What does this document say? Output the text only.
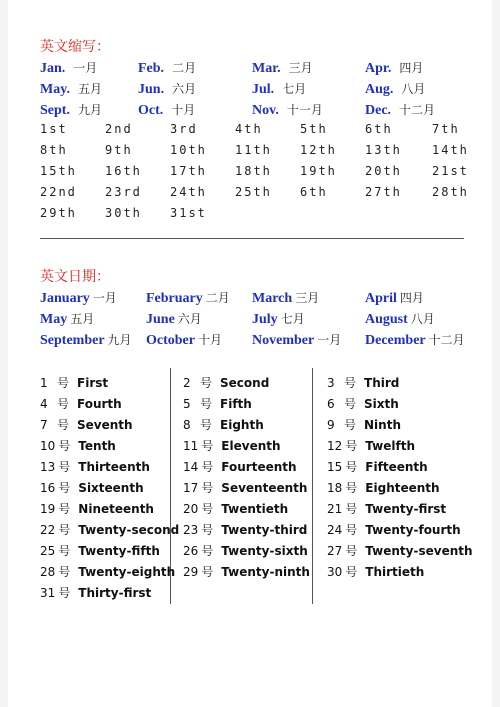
英文缩写：
Jan. 一月	Feb. 二月	Mar. 三月	Apr. 四月
May. 五月	Jun. 六月	Jul. 七月	Aug. 八月
Sept. 九月	Oct. 十月	Nov. 十一月	Dec. 十二月
1st	2nd	3rd	4th	5th	6th	7th
8th	9th	10th 11th 12th 13th	14th
15th 16th 17th 18th 19th 20th	21st
22nd 23rd 24th 25th 6th	27th	28th
29th 30th 31st
英文日期：
January 一月 February 二月 March 三月	April 四月
May 五月	June 六月	July 七月	August 八月
September 九月 October 十月 November 一月 December 十二月
1 号 First	2 号 Second	3 号 Third
4 号 Fourth	5 号 Fifth	6 号 Sixth
7 号 Seventh	8 号 Eighth	9 号 Ninth
10 号 Tenth	11 号 Eleventh	12 号 Twelfth
13 号 Thirteenth	14 号 Fourteenth	15 号 Fifteenth
16 号 Sixteenth	17 号 Seventeenth 18 号 Eighteenth
19 号 Nineteenth 20 号 Twentieth	21 号 Twenty-first
22 号 Twenty-second 23 号 Twenty-third 24 号 Twenty-fourth
25 号 Twenty-fifth 26 号 Twenty-sixth 27 号 Twenty-seventh
28 号 Twenty-eighth 29 号 Twenty-ninth 30 号 Thirtieth
31 号 Thirty-first
